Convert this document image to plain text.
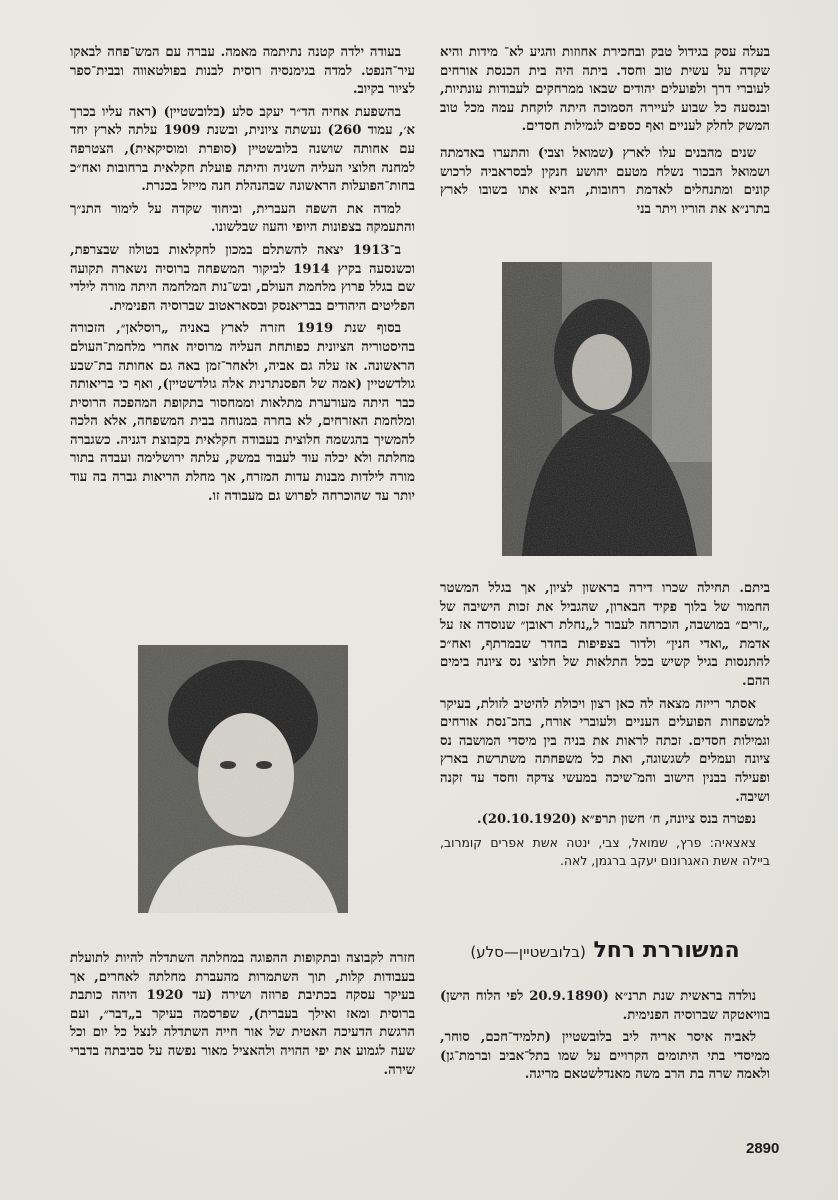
בעלה עסק בגידול טבק ובחכירת אחוזות והגיע לא־ מידות והיא שקדה על עשית טוב וחסד. ביתה היה בית הכנסת אורחים לעוברי דרך ולפועלים יהודים שבאו ממרחקים לעבודות עונתיות, ובנסעה כל שבוע לעיירה הסמוכה היתה לוקחת עמה מכל טוב המשק לחלק לעניים ואף כספים לגמילות חסדים.

שנים מהבנים עלו לארץ (שמואל וצבי) והתערו באדמתה ושמואל הבכור נשלח מטעם יהושע חנקין לבסראביה לרכוש קונים ומתנחלים לאדמת רחובות, הביא אתו בשובו לארץ בתרנ״א את הוריו ויתר בני

ביתם. תחילה שכרו דירה בראשון לציון, אך בגלל המשטר החמור של בלוך פקיד הבארון, שהגביל את זכות הישיבה של „זרים״ במושבה, הוכרחה לעבור ל„נחלת ראובן״ שנוסדה אז על אדמת „ואדי חנין״ ולדור בצפיפות בחדר שבמרתף, ואח״כ להתנסות בגיל קשיש בכל התלאות של חלוצי נס ציונה בימים ההם.

אסתר רייזה מצאה לה כאן רצון ויכולת להיטיב לזולת, בעיקר למשפחות הפועלים העניים ולעוברי אורח, בהכ־נסת אורחים וגמילות חסדים. זכתה לראות את בניה בין מיסדי המושבה נס ציונה ועמלים לשגשוגה, ואת כל משפחתה משתרשת בארץ ופעילה בבנין הישוב והמ־שיכה במעשי צדקה וחסד עד זקנה ושיבה.

נפטרה בנס ציונה, ח׳ חשון תרפ״א (20.10.1920).

צאצאיה: פרץ, שמואל, צבי, ינטה אשת אפרים קומרוב, ביילה אשת האגרונום יעקב ברגמן, לאה.

המשוררת רחל (בלובשטיין—סלע)

נולדה בראשית שנת תרנ״א (20.9.1890 לפי הלוח הישן) בוויאטקה שברוסיה הפנימית.

לאביה איסר אריה ליב בלובשטיין (תלמיד־חכם, סוחר, ממיסדי בתי היתומים הקרויים על שמו בתל־אביב וברמת־גן) ולאמה שרה בת הרב משה מאנדלשטאם מריגה.

בעודה ילדה קטנה נתיתמה מאמה. עברה עם המש־פחה לבאקו עיר־הנפט. למדה בגימנסיה רוסית לבנות בפולטאווה ובבית־ספר לציור בקיוב.

בהשפעת אחיה הד״ר יעקב סלע (בלובשטיין) (ראה עליו בכרך א׳, עמוד 260) נעשתה ציונית, ובשנת 1909 עלתה לארץ יחד עם אחותה שושנה בלובשטיין (סופרת ומוסיקאית), הצטרפה למחנה חלוצי העליה השניה והיתה פועלת חקלאית ברחובות ואח״כ בחות־הפועלות הראשונה שבהנהלת חנה מייזל בכנרת.

למדה את השפה העברית, וביחוד שקדה על לימור התנ״ך והתעמקה בצפונות היופי והעוז שבלשונו.

ב־1913 יצאה להשתלם במכון לחקלאות בטולוז שבצרפת, וכשנסעה בקיץ 1914 לביקור המשפחה ברוסיה נשארה תקועה שם בגלל פרוץ מלחמת העולם, ובש־נות המלחמה היתה מורה לילדי הפליטים היהודים בבריאנסק ובסאראטוב שברוסיה הפנימית.

בסוף שנת 1919 חזרה לארץ באניה „רוסלאן״, הזכורה בהיסטוריה הציונית כפותחת העליה מרוסיה אחרי מלחמת־העולם הראשונה. אז עלה גם אביה, ולאחר־זמן באה גם אחותה בת־שבע גולדשטיין (אמה של הפסנתרנית אלה גולדשטיין), ואף כי בריאותה כבר היתה מעורערת מתלאות וממחסור בתקופת המהפכה הרוסית ומלחמת האזרחים, לא בחרה במנוחה בבית המשפחה, אלא הלכה להמשיך בהגשמה חלוצית בעבודה חקלאית בקבוצת דגניה. כשגברה מחלתה ולא יכלה עוד לעבוד במשק, עלתה ירושלימה ועבדה בתור מורה לילדות מבנות עדות המזרח, אך מחלת הריאות גברה בה עוד יותר עד שהוכרחה לפרוש גם מעבודה זו.

חזרה לקבוצה ובתקופות ההפוגה במחלתה השתדלה להיות לתועלת בעבודות קלות, תוך השתמרות מהעברת מחלתה לאחרים, אך בעיקר עסקה בכתיבת פרוזה ושירה (עד 1920 היהה כותבת ברוסית ומאז ואילך בעברית), שפרסמה בעיקר ב„דבר״, ועם הרגשת הדעיכה האטית של אור חייה השתדלה לנצל כל יום וכל שעה לגמוע את יפי ההויה ולהאציל מאור נפשה על סביבתה בדברי שירה.

2890
